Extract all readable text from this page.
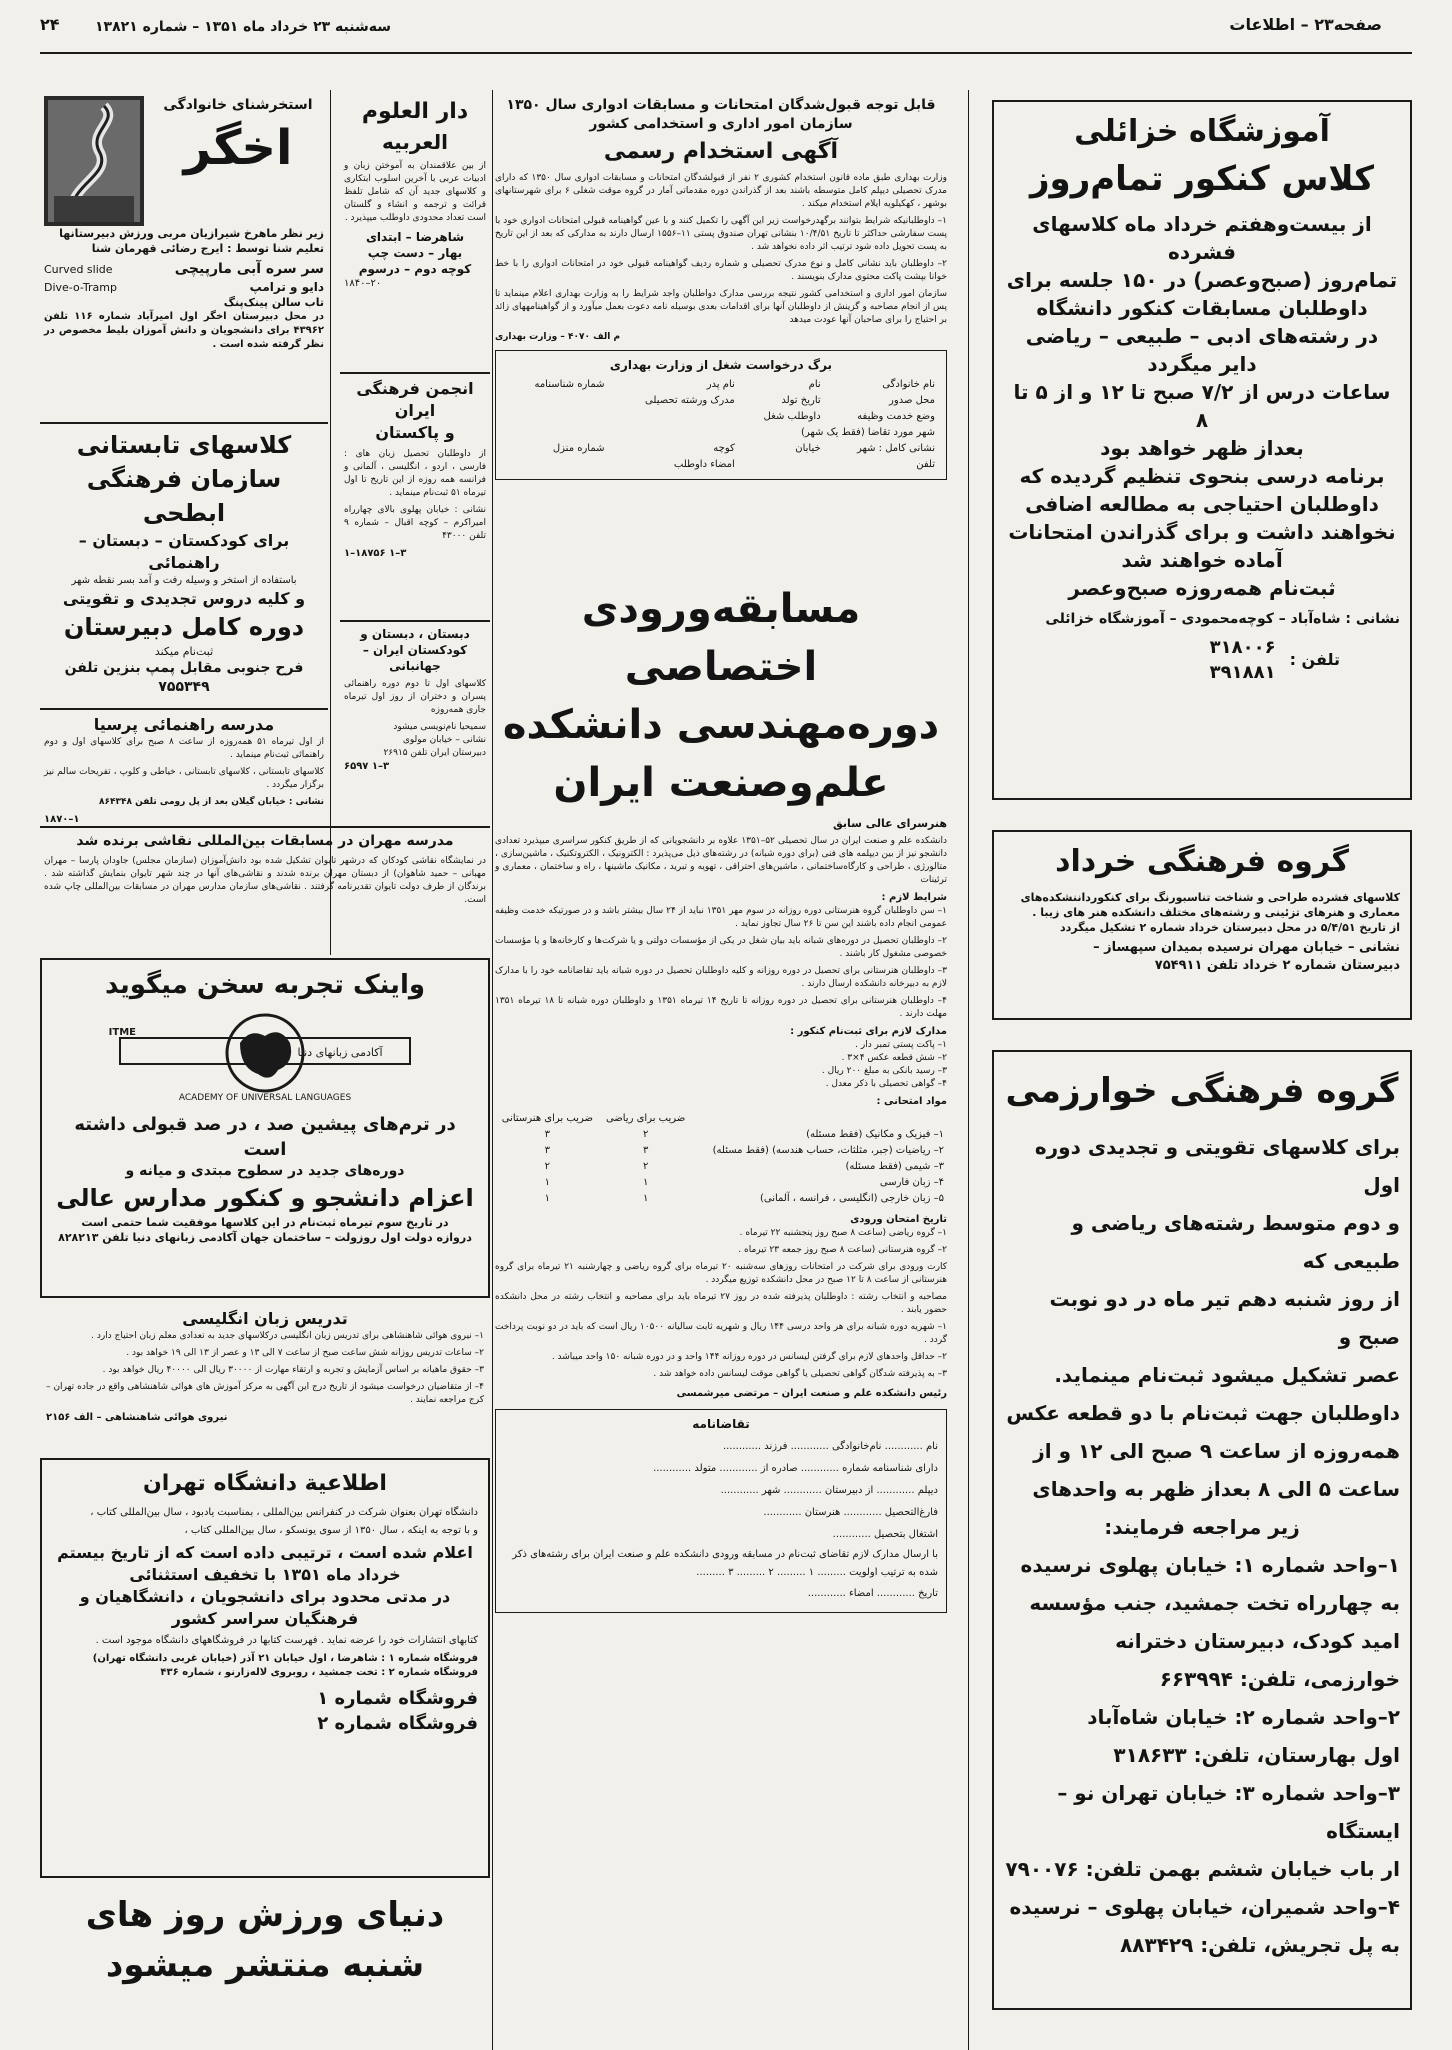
صفحه۲۳ – اطلاعات
سه‌شنبه ۲۳ خرداد ماه ۱۳۵۱ – شماره ۱۳۸۲۱
۲۴
آموزشگاه خزائلی
کلاس کنکور تمام‌روز
از بیست‌و‌هفتم خرداد ماه کلاسهای فشرده
تمام‌روز (صبح‌وعصر) در ۱۵۰ جلسه برای
داوطلبان مسابقات کنکور دانشگاه
در رشته‌های ادبی – طبیعی – ریاضی
دایر میگردد
ساعات درس از ۷/۲ صبح تا ۱۲ و از ۵ تا ۸
بعداز ظهر خواهد بود
برنامه درسی بنحوی تنظیم گردیده که
داوطلبان احتیاجی به مطالعه اضافی
نخواهند داشت و برای گذراندن امتحانات
آماده خواهند شد
ثبت‌نام همه‌روزه صبح‌وعصر
نشانی : شاه‌آباد – کوچه‌محمودی – آموزشگاه خزائلی
تلفن :
۳۱۸۰۰۶
۳۹۱۸۸۱
گروه فرهنگی خرداد
کلاسهای فشرده طراحی و شناخت تناسبورنگ برای کنکورداننشکده‌های
معماری و هنرهای تزئینی و رشته‌های مختلف دانشکده هنر های زیبا .
از تاریخ ۵/۴/۵۱ در محل دبیرستان خرداد شماره ۲ تشکیل میگردد
نشانی – خیابان مهران نرسیده بمیدان سپهساز –
دبیرستان شماره ۲ خرداد تلفن ۷۵۴۹۱۱
گروه فرهنگی خوارزمی
برای کلاسهای تقویتی و تجدیدی دوره اول
و دوم متوسط رشته‌های ریاضی و طبیعی که
از روز شنبه دهم تیر ماه در دو نوبت صبح و
عصر تشکیل میشود ثبت‌نام مینماید.
داوطلبان جهت ثبت‌نام با دو قطعه عکس
همه‌روزه از ساعت ۹ صبح الی ۱۲ و از
ساعت ۵ الی ۸ بعداز ظهر به واحدهای
زیر مراجعه فرمایند:
۱–واحد شماره ۱: خیابان پهلوی نرسیده
به چهارراه تخت جمشید، جنب مؤسسه
امید کودک، دبیرستان دخترانه
خوارزمی، تلفن: ۶۶۳۹۹۴
۲–واحد شماره ۲: خیابان شاه‌آباد
اول بهارستان، تلفن: ۳۱۸۶۳۳
۳–واحد شماره ۳: خیابان تهران نو – ایستگاه
ار باب خیابان ششم بهمن تلفن: ۷۹۰۰۷۶
۴–واحد شمیران، خیابان پهلوی – نرسیده
به پل تجریش، تلفن: ۸۸۳۴۲۹
قابل توجه قبول‌شدگان امتحانات و مسابقات ادواری سال ۱۳۵۰
سازمان امور اداری و استخدامی کشور
آگهی استخدام رسمی

وزارت بهداری طبق ماده قانون استخدام کشوری ۲ نفر از قبولشدگان امتحانات و مسابقات ادواری سال ۱۳۵۰ که دارای مدرک تحصیلی دیپلم کامل متوسطه باشند بعد از گذراندن دوره مقدماتی آمار در گروه موقت شغلی ۶ برای شهرستانهای بوشهر ، کهکیلویه ایلام استخدام میکند .

۱– داوطلبانیکه شرایط بتوانند برگهدرخواست زیر این آگهی را تکمیل کنند و با عین گواهینامه قبولی امتحانات ادواری خود با پست سفارشی حداکثر تا تاریخ ۱۰/۴/۵۱ بنشانی تهران صندوق پستی ۱۱–۱۵۵۶ ارسال دارند به مدارکی که بعد از این تاریخ به پست تحویل داده شود ترتیب اثر داده نخواهد شد .

۲– داوطلبان باید نشانی کامل و نوع مدرک تحصیلی و شماره ردیف گواهینامه قبولی خود در امتحانات ادواری را با خط خوانا بپشت پاکت محتوی مدارک بنویسند .

سازمان امور اداری و استخدامی کشور نتیجه بررسی مدارک دواطلبان واجد شرایط را به وزارت بهداری اعلام مینماید تا پس از انجام مصاحبه و گزینش از داوطلبان آنها برای اقدامات بعدی بوسیله نامه دعوت بعمل میآورد و از گواهینامههای زائد بر احتیاج را برای صاحبان آنها عودت میدهد

م الف ۴۰۷۰ – وزارت بهداری

برگ درخواست شغل از وزارت بهداری
نام خانوادگی	نام	نام پدر	شماره شناسنامه
محل صدور	تاریخ تولد	مدرک ورشته تحصیلی	
وضع خدمت وظیفه	داوطلب شغل		
شهر مورد تقاضا (فقط یک شهر)			
نشانی کامل : شهر	خیابان	کوچه	شماره منزل
تلفن		امضاء داوطلب	
مسابقه‌ورودی اختصاصی
دوره‌مهندسی دانشکده
علم‌وصنعت ایران
هنرسرای عالی سابق

دانشکده علم و صنعت ایران در سال تحصیلی ۵۲–۱۳۵۱ علاوه بر دانشجویانی که از طریق کنکور سراسری میپذیرد تعدادی دانشجو نیز از بین دیپلمه های فنی (برای دوره شبانه) در رشته‌های ذیل می‌پذیرد : الکترونیک ، الکتروتکنیک ، ماشین‌سازی ، متالورژی ، طراحی و کارگاه‌ساختمانی ، ماشین‌های احتراقی ، تهویه و تبرید ، مکانیک ماشینها ، راه و ساختمان ، معماری و ترئینات

شرایط لازم :

۱– سن داوطلبان گروه هنرستانی دوره روزانه در سوم مهر ۱۳۵۱ نباید از ۲۴ سال بیشتر باشد و در صورتیکه خدمت وظیفه عمومی انجام داده باشند این سن تا ۲۶ سال تجاوز نماید .

۲– داوطلبان تحصیل در دوره‌های شبانه باید بیان شغل در یکی از مؤسسات دولتی و یا شرکت‌ها و کارخانه‌ها و یا مؤسسات خصوصی مشغول کار باشند .

۳– داوطلبان هنرستانی برای تحصیل در دوره روزانه و کلیه داوطلبان تحصیل در دوره شبانه باید تقاضانامه خود را با مدارک لازم به دبیرخانه دانشکده ارسال دارند .

۴– داوطلبان هنرستانی برای تحصیل در دوره روزانه تا تاریخ ۱۴ تیرماه ۱۳۵۱ و داوطلبان دوره شبانه تا ۱۸ تیرماه ۱۳۵۱ مهلت دارند .

مدارک لازم برای ثبت‌نام کنکور :
۱– پاکت پستی تمبر دار .
۲– شش قطعه عکس ۴×۳ .
۳– رسید بانکی به مبلغ ۲۰۰ ریال .
۴– گواهی تحصیلی با ذکر معدل .
مواد امتحانی :
	ضریب برای ریاضی	ضریب برای هنرستانی
۱– فیزیک و مکانیک (فقط مسئله)	۲	۳
۲– ریاضیات (جبر، مثلثات، حساب هندسه) (فقط مسئله)	۳	۳
۳– شیمی (فقط مسئله)	۲	۲
۴– زبان فارسی	۱	۱
۵– زبان خارجی (انگلیسی ، فرانسه ، آلمانی)	۱	۱
تاریخ امتحان ورودی

۱– گروه ریاضی (ساعت ۸ صبح روز پنجشنبه ۲۲ تیرماه .

۲– گروه هنرستانی (ساعت ۸ صبح روز جمعه ۲۳ تیرماه .

کارت ورودی برای شرکت در امتحانات روزهای سه‌شنبه ۲۰ تیرماه برای گروه ریاضی و چهارشنبه ۲۱ تیرماه برای گروه هنرستانی از ساعت ۸ تا ۱۲ صبح در محل دانشکده توزیع میگردد .

مصاحبه و انتخاب رشته : داوطلبان پذیرفته شده در روز ۲۷ تیرماه باید برای مصاحبه و انتخاب رشته در محل دانشکده حضور یابند .

۱– شهریه دوره شبانه برای هر واحد درسی ۱۴۴ ریال و شهریه ثابت سالیانه ۱۰۵۰۰ ریال است که باید در دو نوبت پرداخت گردد .

۲– حداقل واحدهای لازم برای گرفتن لیسانس در دوره روزانه ۱۴۴ واحد و در دوره شبانه ۱۵۰ واحد میباشد .

۳– به پذیرفته شدگان گواهی تحصیلی یا گواهی موقت لیسانس داده خواهد شد .

رئیس دانشکده علم و صنعت ایران – مرتضی میرشمسی
تقاضانامه
نام ............ نام‌خانوادگی ............ فرزند ............
دارای شناسنامه شماره ............ صادره از ............ متولد ............
دیپلم ............ از دبیرستان ............ شهر ............
فارغ‌التحصیل ............ هنرستان ............
اشتغال بتحصیل ............
با ارسال مدارک لازم تقاضای ثبت‌نام در مسابقه ورودی دانشکده علم و صنعت ایران برای رشته‌های ذکر شده به ترتیب اولویت ......... ۱ ......... ۲ ......... ۳ .........
تاریخ ............ امضاء ............
دار العلوم
العربیه

از بین علاقمندان به آموختن زبان و ادبیات عربی با آخرین اسلوب ابتکاری و کلاسهای جدید آن که شامل تلفظ قرائت و ترجمه و انشاء و گلستان است تعداد محدودی داوطلب میپذیرد .

شاهرضا – ابتدای
بهار – دست چپ
کوچه دوم – درسوم
۲۰–۱۸۴۰
انجمن فرهنگی ایران
و پاکستان

از داوطلبان تحصیل زبان های : فارسی ، اردو ، انگلیسی ، آلمانی و فرانسه همه روزه از این تاریخ تا اول تیرماه ۵۱ ثبت‌نام مینماید .

نشانی : خیابان پهلوی بالای چهارراه امیراکرم – کوچه اقبال – شماره ۹ تلفن ۴۳۰۰۰

۳–۱ ۱۸۷۵۶–۱
دبستان ، دبستان و
کودکستان ایران – جهانبانی

کلاسهای اول تا دوم دوره راهنمائی پسران و دختران از روز اول تیرماه جاری همه‌روزه

سمیحیا نام‌نویسی میشود
نشانی – خیابان مولوی
دبیرستان ایران تلفن ۲۶۹۱۵
۳–۱ ۶۵۹۷
استخرشنای خانوادگی
اخگر
زیر نظر ماهرخ شیرازیان مربی ورزش دبیرستانها
تعلیم شنا توسط : ایرج رضائی قهرمان شنا
سر سره آبی مارپیچی
Curved slide
دایو و ترامپ
Dive-o-Tramp
تاب سالن پینک‌پنگ

در محل دبیرستان اخگر اول امیرآباد شماره ۱۱۶ تلفن ۴۳۹۶۲ برای دانشجویان و دانش آموزان بلیط مخصوص در نظر گرفته شده است .

کلاسهای تابستانی
سازمان فرهنگی ابطحی
برای کودکستان – دبستان – راهنمائی
باستفاده از استخر و وسیله رفت و آمد بسر نقطه شهر
و کلیه دروس تجدیدی و تقویتی
دوره کامل دبیرستان
ثبت‌نام میکند
فرح جنوبی مقابل پمپ بنزین تلفن ۷۵۵۳۴۹
مدرسه راهنمائی پرسیا

از اول تیرماه ۵۱ همه‌روزه از ساعت ۸ صبح برای کلاسهای اول و دوم راهنمائی ثبت‌نام مینماید .

کلاسهای تابستانی ، کلاسهای تابستانی ، خیاطی و کلوپ ، تفریحات سالم نیز برگزار میگردد .

نشانی : خیابان گیلان بعد از پل رومی تلفن ۸۶۴۳۴۸

۱–۱۸۷۰
مدرسه مهران در مسابقات بین‌المللی نقاشی برنده شد

در نمایشگاه نقاشی کودکان که درشهر تایوان تشکیل شده بود دانش‌آموزان (سازمان مجلس) جاودان پارسا – مهران مهبانی – حمید شاهوان) از دبستان مهران برنده شدند و نقاشی‌های آنها در چند شهر تایوان بنمایش گذاشته شد . برندگان از طرف دولت تایوان تقدیرنامه گرفتند . نقاشی‌های سازمان مدارس مهران در مسابقات بین‌المللی چاپ شده است.

واینک تجربه سخن میگوید
ITME
ACADEMY OF UNIVERSAL LANGUAGES
آکادمی زبانهای دنیا
در ترم‌های پیشین صد ، در صد قبولی داشته است
دوره‌های جدید در سطوح مبتدی و میانه و
اعزام دانشجو و کنکور مدارس عالی
در تاریخ سوم تیرماه ثبت‌نام در این کلاسها موفقیت شما حتمی است
دروازه دولت اول روزولت – ساختمان جهان آکادمی زبانهای دنیا تلفن ۸۲۸۲۱۳
تدریس زبان انگلیسی

۱– نیروی هوائی شاهنشاهی برای تدریس زبان انگلیسی درکلاسهای جدید به تعدادی معلم زبان احتیاج دارد .

۲– ساعات تدریس روزانه شش ساعت صبح از ساعت ۷ الی ۱۳ و عصر از ۱۳ الی ۱۹ خواهد بود .

۳– حقوق ماهیانه بر اساس آزمایش و تجربه و ارتقاء مهارت از ۳۰۰۰۰ ریال الی ۴۰۰۰۰ ریال خواهد بود .

۴– از متقاضیان درخواست میشود از تاریخ درج این آگهی به مرکز آموزش های هوائی شاهنشاهی واقع در جاده تهران – کرج مراجعه نمایند .

نیروی هوائی شاهنشاهی – الف ۲۱۵۶
اطلاعیة دانشگاه تهران

دانشگاه تهران بعنوان شرکت در کنفرانس بین‌المللی ، بمناسبت یادبود ، سال بین‌المللی کتاب ،

و با توجه به اینکه ، سال ۱۳۵۰ از سوی یونسکو ، سال بین‌المللی کتاب ،

اعلام شده است ، ترتیبی داده است که از تاریخ بیستم خرداد ماه ۱۳۵۱ با تخفیف استثنائی
در مدتی محدود برای دانشجویان ، دانشگاهیان و فرهنگیان سراسر کشور

کتابهای انتشارات خود را عرضه نماید . فهرست کتابها در فروشگاههای دانشگاه موجود است .

فروشگاه شماره ۱ : شاهرضا ، اول خیابان ۲۱ آذر (خیابان غربی دانشگاه تهران)
فروشگاه شماره ۲ : تخت جمشید ، روبروی لاله‌زارنو ، شماره ۴۳۶
فروشگاه شماره ۱
فروشگاه شماره ۲
دنیای ورزش روز های
شنبه منتشر میشود
